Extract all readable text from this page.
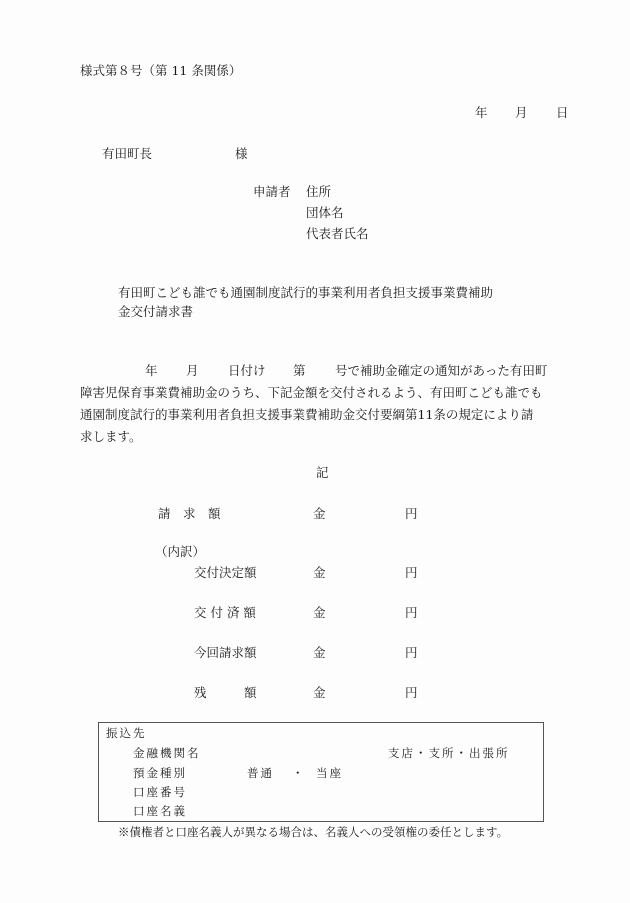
様式第８号（第 11 条関係）
年 月 日
有田町長	様
申請者 住所
団体名
代表者氏名
有田町こども誰でも通園制度試行的事業利用者負担支援事業費補助
金交付請求書
年 月 日付け 第 号で補助金確定の通知があった有田町
障害児保育事業費補助金のうち、下記金額を交付されるよう、有田町こども誰でも
通園制度試行的事業利用者負担支援事業費補助金交付要綱第11条の規定により請
求します。
記
請　求　額	金	円
（内訳）
交付決定額	金	円
交 付 済 額	金	円
今回請求額	金	円
残　　　額	金	円
振込先
金融機関名	支店・支所・出張所
預金種別	普通 ・ 当座
口座番号
口座名義
※債権者と口座名義人が異なる場合は、名義人への受領権の委任とします。
